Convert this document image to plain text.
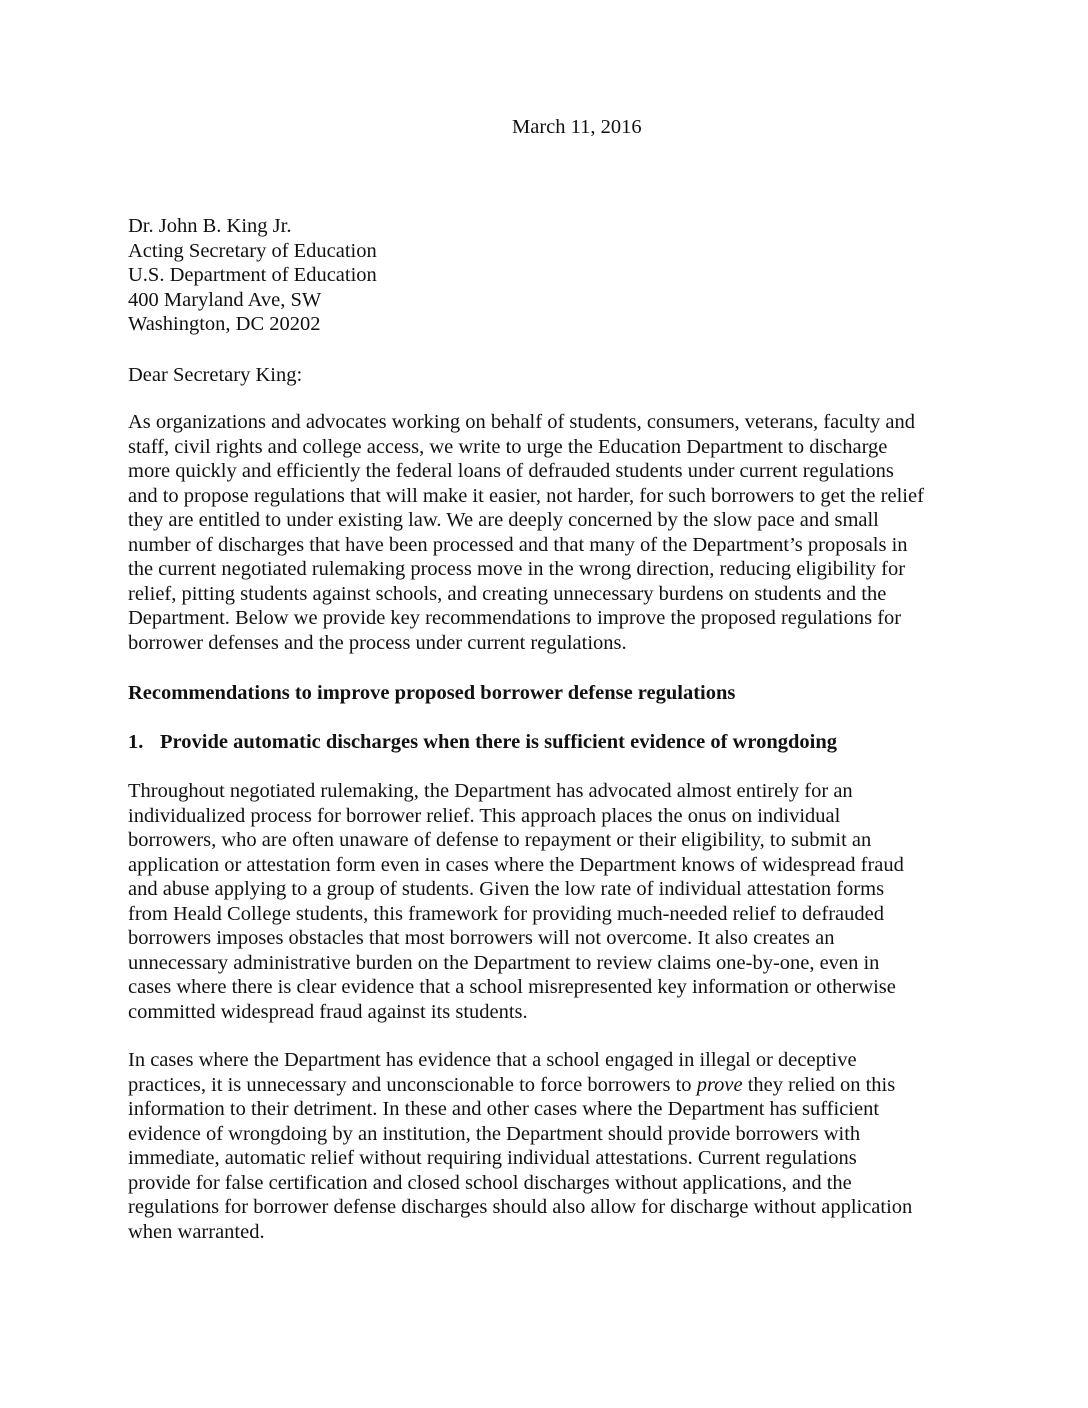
March 11, 2016
Dr. John B. King Jr.
Acting Secretary of Education
U.S. Department of Education
400 Maryland Ave, SW
Washington, DC 20202
Dear Secretary King:

As organizations and advocates working on behalf of students, consumers, veterans, faculty and
staff, civil rights and college access, we write to urge the Education Department to discharge
more quickly and efficiently the federal loans of defrauded students under current regulations
and to propose regulations that will make it easier, not harder, for such borrowers to get the relief
they are entitled to under existing law. We are deeply concerned by the slow pace and small
number of discharges that have been processed and that many of the Department’s proposals in
the current negotiated rulemaking process move in the wrong direction, reducing eligibility for
relief, pitting students against schools, and creating unnecessary burdens on students and the
Department. Below we provide key recommendations to improve the proposed regulations for
borrower defenses and the process under current regulations.

Recommendations to improve proposed borrower defense regulations
1. Provide automatic discharges when there is sufficient evidence of wrongdoing

Throughout negotiated rulemaking, the Department has advocated almost entirely for an
individualized process for borrower relief. This approach places the onus on individual
borrowers, who are often unaware of defense to repayment or their eligibility, to submit an
application or attestation form even in cases where the Department knows of widespread fraud
and abuse applying to a group of students. Given the low rate of individual attestation forms
from Heald College students, this framework for providing much-needed relief to defrauded
borrowers imposes obstacles that most borrowers will not overcome. It also creates an
unnecessary administrative burden on the Department to review claims one-by-one, even in
cases where there is clear evidence that a school misrepresented key information or otherwise
committed widespread fraud against its students.

In cases where the Department has evidence that a school engaged in illegal or deceptive
practices, it is unnecessary and unconscionable to force borrowers to prove they relied on this
information to their detriment. In these and other cases where the Department has sufficient
evidence of wrongdoing by an institution, the Department should provide borrowers with
immediate, automatic relief without requiring individual attestations. Current regulations
provide for false certification and closed school discharges without applications, and the
regulations for borrower defense discharges should also allow for discharge without application
when warranted.
